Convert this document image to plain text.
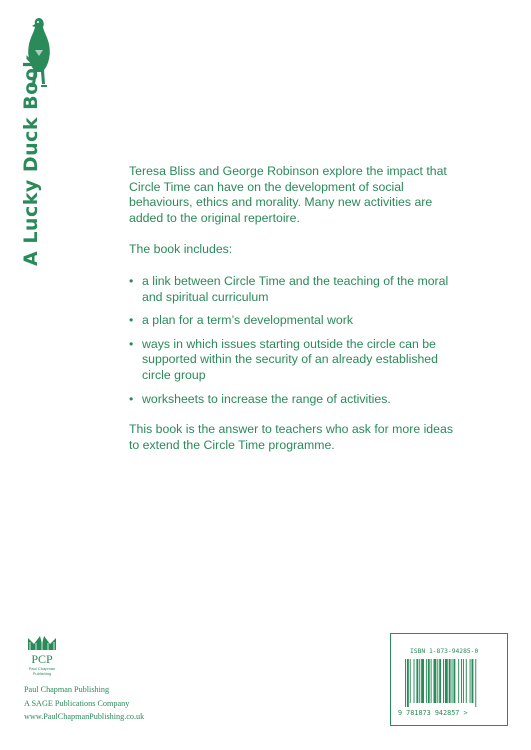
A Lucky Duck Book	Teresa Bliss and George Robinson explore the impact that Circle Time can have on the development of social behaviours, ethics and morality. Many new activities are added to the original repertoire.

The book includes:

• a link between Circle Time and the teaching of the moral and spiritual curriculum
• a plan for a term’s developmental work
• ways in which issues starting outside the circle can be supported within the security of an already established circle group
• worksheets to increase the range of activities.

This book is the answer to teachers who ask for more ideas to extend the Circle Time programme.

PCP
Paul Chapman
Publishing
Paul Chapman Publishing
A SAGE Publications Company
www.PaulChapmanPublishing.co.uk
ISBN 1-873-94285-0
9 781873 942857 >
